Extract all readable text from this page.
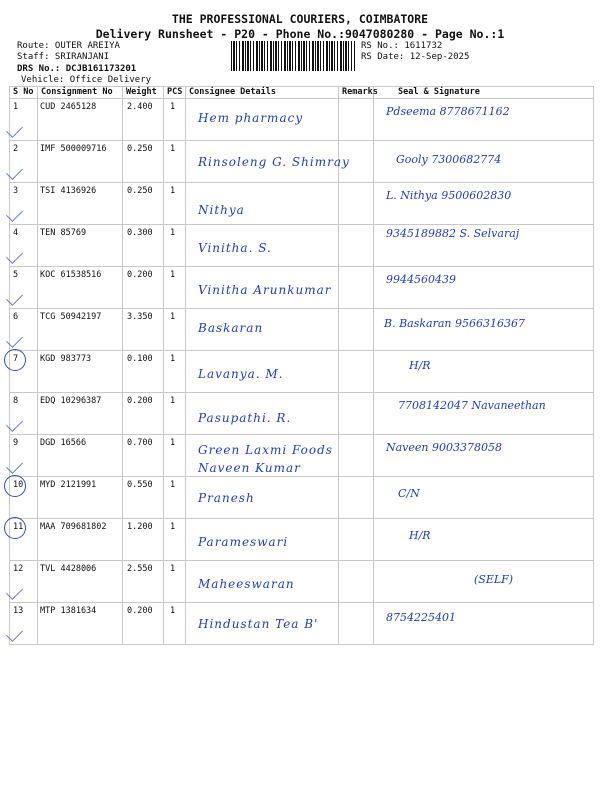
THE PROFESSIONAL COURIERS, COIMBATORE
Delivery Runsheet - P20 - Phone No.:9047080280 - Page No.:1
Route: OUTER AREIYA
Staff: SRIRANJANI
DRS No.: DCJB161173201
Vehicle: Office Delivery
RS No.: 1611732
RS Date: 12-Sep-2025
S No	Consignment No	Weight	PCS	Consignee Details	Remarks	Seal & Signature
1	CUD 2465128	2.400	1	Hem pharmacy		Pdseema 8778671162

2	IMF 500009716	0.250	1	Rinsoleng G. Shimray		Gooly 7300682774

3	TSI 4136926	0.250	1	Nithya		L. Nithya 9500602830

4	TEN 85769	0.300	1	Vinitha. S.		9345189882 S. Selvaraj

5	KOC 61538516	0.200	1	Vinitha Arunkumar		9944560439

6	TCG 50942197	3.350	1	Baskaran		B. Baskaran 9566316367

7	KGD 983773	0.100	1	Lavanya. M.		H/R

8	EDQ 10296387	0.200	1	Pasupathi. R.		7708142047 Navaneethan

9	DGD 16566	0.700	1	Green Laxmi Foods Naveen Kumar		Naveen 9003378058

10	MYD 2121991	0.550	1	Pranesh		C/N

11	MAA 709681802	1.200	1	Parameswari		H/R

12	TVL 4428006	2.550	1	Maheeswaran		(SELF)

13	MTP 1381634	0.200	1	Hindustan Tea B'		8754225401
